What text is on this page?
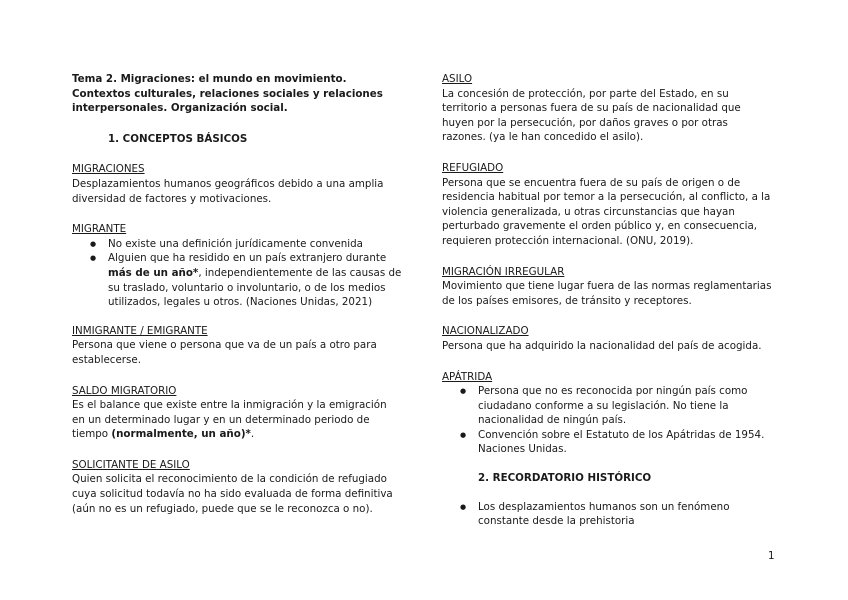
Tema 2. Migraciones: el mundo en movimiento. Contextos culturales, relaciones sociales y relaciones interpersonales. Organización social.

1. CONCEPTOS BÁSICOS

MIGRACIONES

Desplazamientos humanos geográficos debido a una amplia diversidad de factores y motivaciones.

MIGRANTE

● No existe una definición jurídicamente convenida
● Alguien que ha residido en un país extranjero durante más de un año*, independientemente de las causas de su traslado, voluntario o involuntario, o de los medios utilizados, legales u otros. (Naciones Unidas, 2021)

INMIGRANTE / EMIGRANTE

Persona que viene o persona que va de un país a otro para establecerse.

SALDO MIGRATORIO

Es el balance que existe entre la inmigración y la emigración en un determinado lugar y en un determinado periodo de tiempo (normalmente, un año)*.

SOLICITANTE DE ASILO

Quien solicita el reconocimiento de la condición de refugiado cuya solicitud todavía no ha sido evaluada de forma definitiva (aún no es un refugiado, puede que se le reconozca o no).

ASILO

La concesión de protección, por parte del Estado, en su territorio a personas fuera de su país de nacionalidad que huyen por la persecución, por daños graves o por otras razones. (ya le han concedido el asilo).

REFUGIADO

Persona que se encuentra fuera de su país de origen o de residencia habitual por temor a la persecución, al conflicto, a la violencia generalizada, u otras circunstancias que hayan perturbado gravemente el orden público y, en consecuencia, requieren protección internacional. (ONU, 2019).

MIGRACIÓN IRREGULAR

Movimiento que tiene lugar fuera de las normas reglamentarias de los países emisores, de tránsito y receptores.

NACIONALIZADO

Persona que ha adquirido la nacionalidad del país de acogida.

APÁTRIDA

● Persona que no es reconocida por ningún país como ciudadano conforme a su legislación. No tiene la nacionalidad de ningún país.
● Convención sobre el Estatuto de los Apátridas de 1954. Naciones Unidas.

2. RECORDATORIO HISTÓRICO

● Los desplazamientos humanos son un fenómeno constante desde la prehistoria
1
